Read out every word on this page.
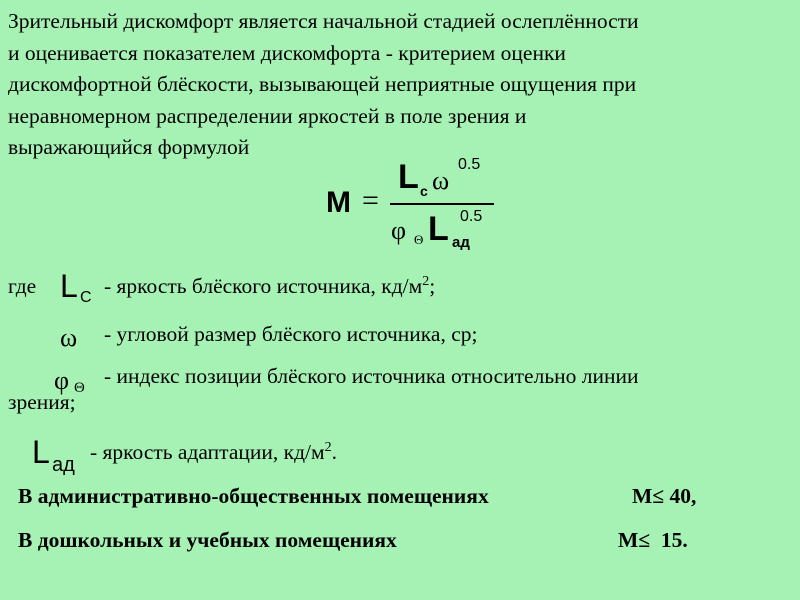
Зрительный дискомфорт является начальной стадией ослеплённости
и оценивается показателем дискомфорта - критерием оценки
дискомфортной блёскости, вызывающей неприятные ощущения при
неравномерном распределении яркостей в поле зрения и
выражающийся формулой
M =
L c ω
0.5
φ Θ L ад
0.5
где L C - яркость блёского источника, $кд/м^2$;
ω - угловой размер блёского источника, ср;
φ Θ - индекс позиции блёского источника относительно линии
зрения;
L ад
- яркость адаптации, $кд/м^2$.
В административно-общественных помещениях	M≤ 40,
В дошкольных и учебных помещениях	M≤  15.
